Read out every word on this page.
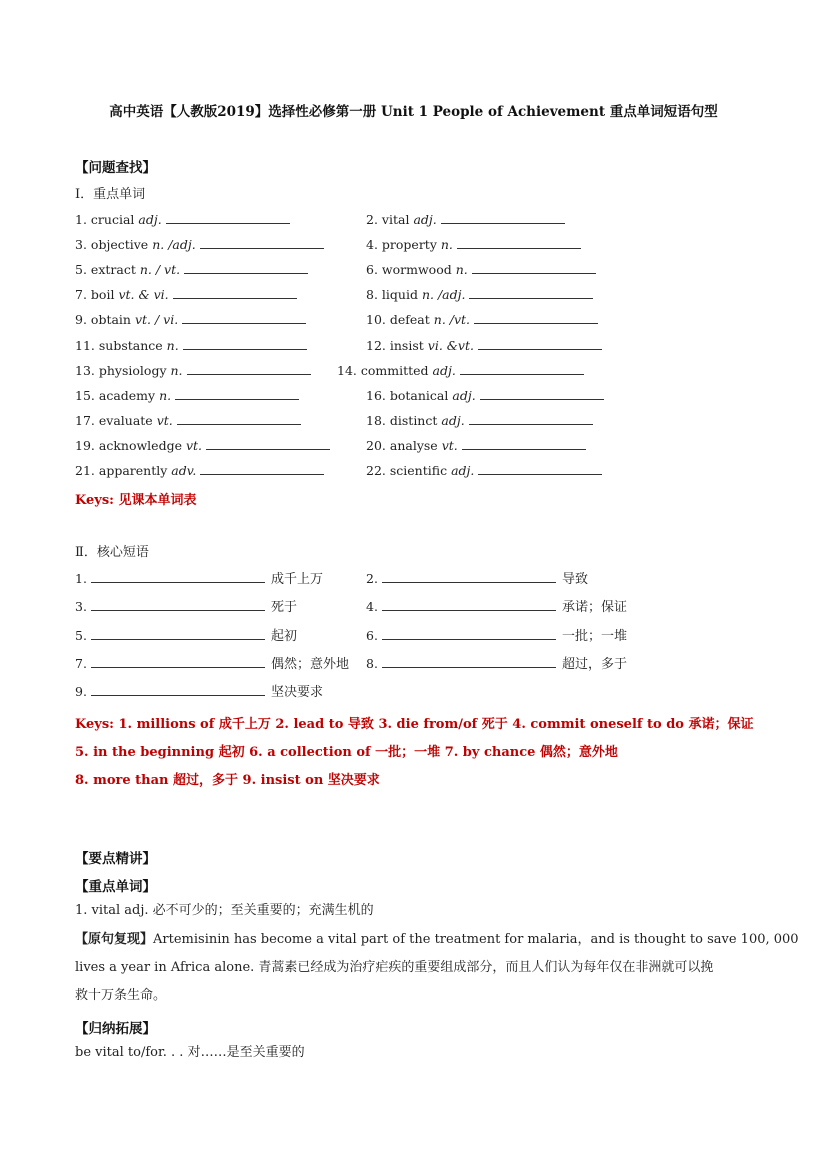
高中英语【人教版2019】选择性必修第一册 Unit 1 People of Achievement 重点单词短语句型
【问题查找】
Ⅰ．重点单词
1. crucial adj.	2. vital adj.
3. objective n. /adj.	4. property n.
5. extract n. / vt.	6. wormwood n.
7. boil vt. & vi.	8. liquid n. /adj.
9. obtain vt. / vi.	10. defeat n. /vt.
11. substance n.	12. insist vi. &vt.
13. physiology n.	14. committed adj.
15. academy n.	16. botanical adj.
17. evaluate vt.	18. distinct adj.
19. acknowledge vt.	20. analyse vt.
21. apparently adv.	22. scientific adj.
Keys: 见课本单词表
Ⅱ．核心短语
1.	成千上万	2.	导致
3.	死于	4.	承诺；保证
5.	起初	6.	一批；一堆
7.	偶然；意外地 8.	超过，多于
9.	坚决要求
Keys: 1. millions of 成千上万 2. lead to 导致 3. die from/of 死于 4. commit oneself to do 承诺；保证
5. in the beginning 起初 6. a collection of 一批；一堆 7. by chance 偶然；意外地
8. more than 超过，多于 9. insist on 坚决要求
【要点精讲】
【重点单词】
1. vital adj. 必不可少的；至关重要的；充满生机的
【原句复现】Artemisinin has become a vital part of the treatment for malaria，and is thought to save 100, 000
lives a year in Africa alone. 青蒿素已经成为治疗疟疾的重要组成部分，而且人们认为每年仅在非洲就可以挽
救十万条生命。
【归纳拓展】
be vital to/for. . . 对……是至关重要的
